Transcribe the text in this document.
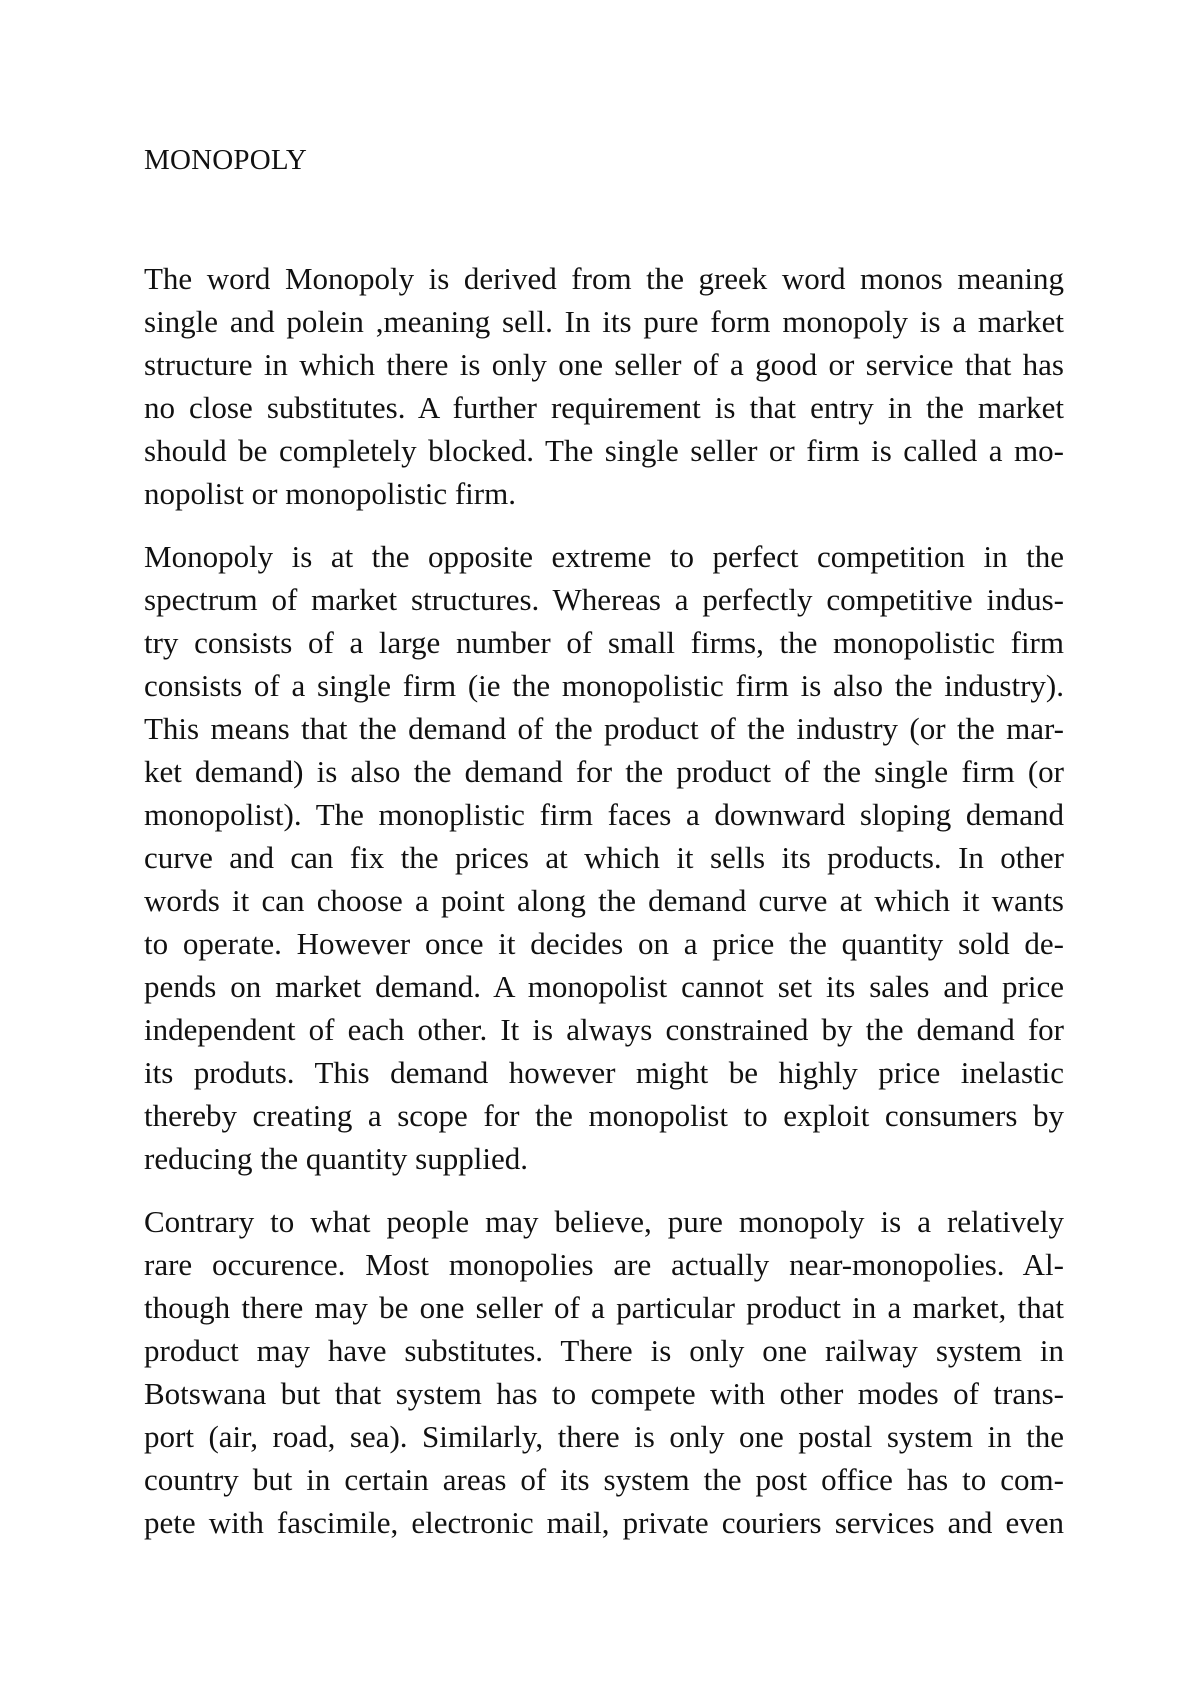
MONOPOLY
The word Monopoly is derived from the greek word monos meaning
single and polein ,meaning sell. In its pure form monopoly is a market
structure in which there is only one seller of a good or service that has
no close substitutes. A further requirement is that entry in the market
should be completely blocked. The single seller or firm is called a mo-
nopolist or monopolistic firm.
Monopoly is at the opposite extreme to perfect competition in the
spectrum of market structures. Whereas a perfectly competitive indus-
try consists of a large number of small firms, the monopolistic firm
consists of a single firm (ie the monopolistic firm is also the industry).
This means that the demand of the product of the industry (or the mar-
ket demand) is also the demand for the product of the single firm (or
monopolist). The monoplistic firm faces a downward sloping demand
curve and can fix the prices at which it sells its products. In other
words it can choose a point along the demand curve at which it wants
to operate. However once it decides on a price the quantity sold de-
pends on market demand. A monopolist cannot set its sales and price
independent of each other. It is always constrained by the demand for
its produts. This demand however might be highly price inelastic
thereby creating a scope for the monopolist to exploit consumers by
reducing the quantity supplied.
Contrary to what people may believe, pure monopoly is a relatively
rare occurence. Most monopolies are actually near-monopolies. Al-
though there may be one seller of a particular product in a market, that
product may have substitutes. There is only one railway system in
Botswana but that system has to compete with other modes of trans-
port (air, road, sea). Similarly, there is only one postal system in the
country but in certain areas of its system the post office has to com-
pete with fascimile, electronic mail, private couriers services and even
